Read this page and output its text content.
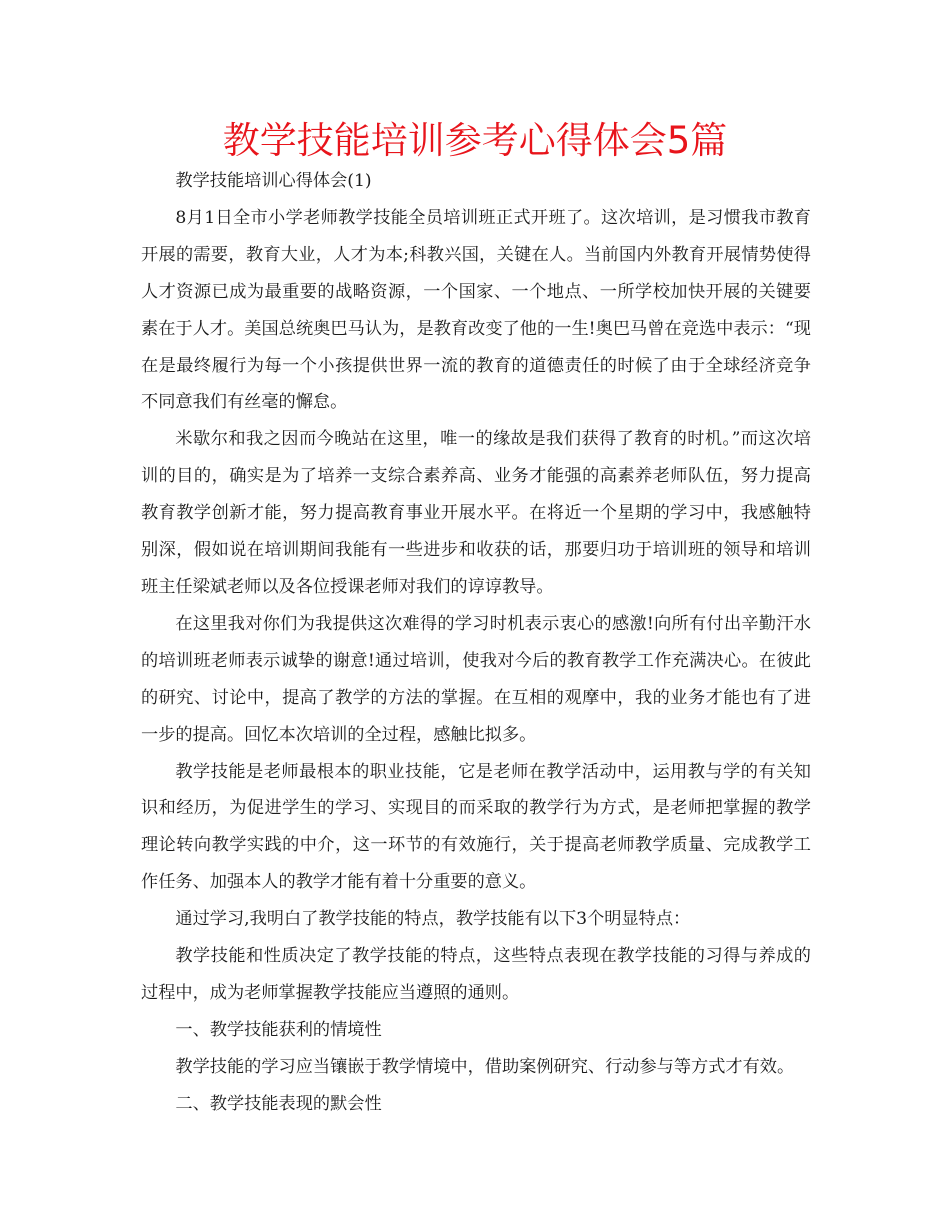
教学技能培训参考心得体会5篇

教学技能培训心得体会(1)

8月1日全市小学老师教学技能全员培训班正式开班了。这次培训，是习惯我市教育开展的需要，教育大业，人才为本;科教兴国，关键在人。当前国内外教育开展情势使得人才资源已成为最重要的战略资源，一个国家、一个地点、一所学校加快开展的关键要素在于人才。美国总统奥巴马认为，是教育改变了他的一生!奥巴马曾在竞选中表示：“现在是最终履行为每一个小孩提供世界一流的教育的道德责任的时候了由于全球经济竞争不同意我们有丝毫的懈怠。

米歇尔和我之因而今晚站在这里，唯一的缘故是我们获得了教育的时机。”而这次培训的目的，确实是为了培养一支综合素养高、业务才能强的高素养老师队伍，努力提高教育教学创新才能，努力提高教育事业开展水平。在将近一个星期的学习中，我感触特别深，假如说在培训期间我能有一些进步和收获的话，那要归功于培训班的领导和培训班主任梁斌老师以及各位授课老师对我们的谆谆教导。

在这里我对你们为我提供这次难得的学习时机表示衷心的感激!向所有付出辛勤汗水的培训班老师表示诚挚的谢意!通过培训，使我对今后的教育教学工作充满决心。在彼此的研究、讨论中，提高了教学的方法的掌握。在互相的观摩中，我的业务才能也有了进一步的提高。回忆本次培训的全过程，感触比拟多。

教学技能是老师最根本的职业技能，它是老师在教学活动中，运用教与学的有关知识和经历，为促进学生的学习、实现目的而采取的教学行为方式，是老师把掌握的教学理论转向教学实践的中介，这一环节的有效施行，关于提高老师教学质量、完成教学工作任务、加强本人的教学才能有着十分重要的意义。

通过学习,我明白了教学技能的特点，教学技能有以下3个明显特点：

教学技能和性质决定了教学技能的特点，这些特点表现在教学技能的习得与养成的过程中，成为老师掌握教学技能应当遵照的通则。

一、教学技能获利的情境性

教学技能的学习应当镶嵌于教学情境中，借助案例研究、行动参与等方式才有效。

二、教学技能表现的默会性
